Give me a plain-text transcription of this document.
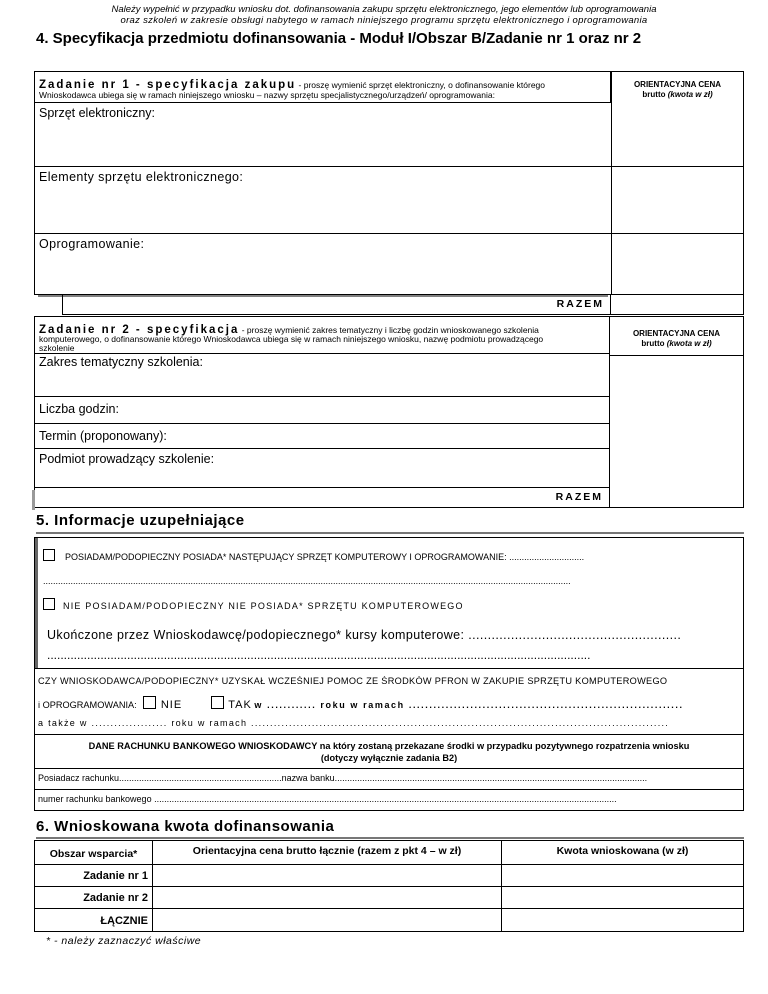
Należy wypełnić w przypadku wniosku dot. dofinansowania zakupu sprzętu elektronicznego, jego elementów lub oprogramowania
oraz szkoleń w zakresie obsługi nabytego w ramach niniejszego programu sprzętu elektronicznego i oprogramowania
4. Specyfikacja przedmiotu dofinansowania - Moduł I/Obszar B/Zadanie nr 1 oraz nr 2
Zadanie nr 1 - specyfikacja zakupu - proszę wymienić sprzęt elektroniczny, o dofinansowanie którego
Wnioskodawca ubiega się w ramach niniejszego wniosku – nazwy sprzętu specjalistycznego/urządzeń/ oprogramowania:
ORIENTACYJNA CENA
brutto (kwota w zł)
Sprzęt elektroniczny:
Elementy sprzętu elektronicznego:
Oprogramowanie:
RAZEM
Zadanie nr 2 - specyfikacja - proszę wymienić zakres tematyczny i liczbę godzin wnioskowanego szkolenia
komputerowego, o dofinansowanie którego Wnioskodawca ubiega się w ramach niniejszego wniosku, nazwę podmiotu prowadzącego
szkolenie
Zakres tematyczny szkolenia:
Liczba godzin:
Termin (proponowany):
Podmiot prowadzący szkolenie:
ORIENTACYJNA CENA
brutto (kwota w zł)
RAZEM
5. Informacje uzupełniające
POSIADAM/PODOPIECZNY POSIADA* NASTĘPUJĄCY SPRZĘT KOMPUTEROWY I OPROGRAMOWANIE: ..............................
...................................................................................................................................................................................................................
NIE POSIADAM/PODOPIECZNY NIE POSIADA* SPRZĘTU KOMPUTEROWEGO
Ukończone przez Wnioskodawcę/podopiecznego* kursy komputerowe: .......................................................
...................................................................................................................................................................
CZY WNIOSKODAWCA/PODOPIECZNY* UZYSKAŁ WCZEŚNIEJ POMOC ZE ŚRODKÓW PFRON W ZAKUPIE SPRZĘTU KOMPUTEROWEGO
i OPROGRAMOWANIA: NIE	TAK w ............ roku w ramach ...................................................................
a także w .................... roku w ramach ..............................................................................................................
DANE RACHUNKU BANKOWEGO WNIOSKODAWCY na który zostaną przekazane środki w przypadku pozytywnego rozpatrzenia wniosku
(dotyczy wyłącznie zadania B2)
Posiadacz rachunku.................................................................nazwa banku.............................................................................................................................
numer rachunku bankowego .........................................................................................................................................................................................
6. Wnioskowana kwota dofinansowania
Obszar wsparcia*	Orientacyjna cena brutto łącznie (razem z pkt 4 – w zł)	Kwota wnioskowana (w zł)
Zadanie nr 1
Zadanie nr 2
ŁĄCZNIE
* - należy zaznaczyć właściwe
